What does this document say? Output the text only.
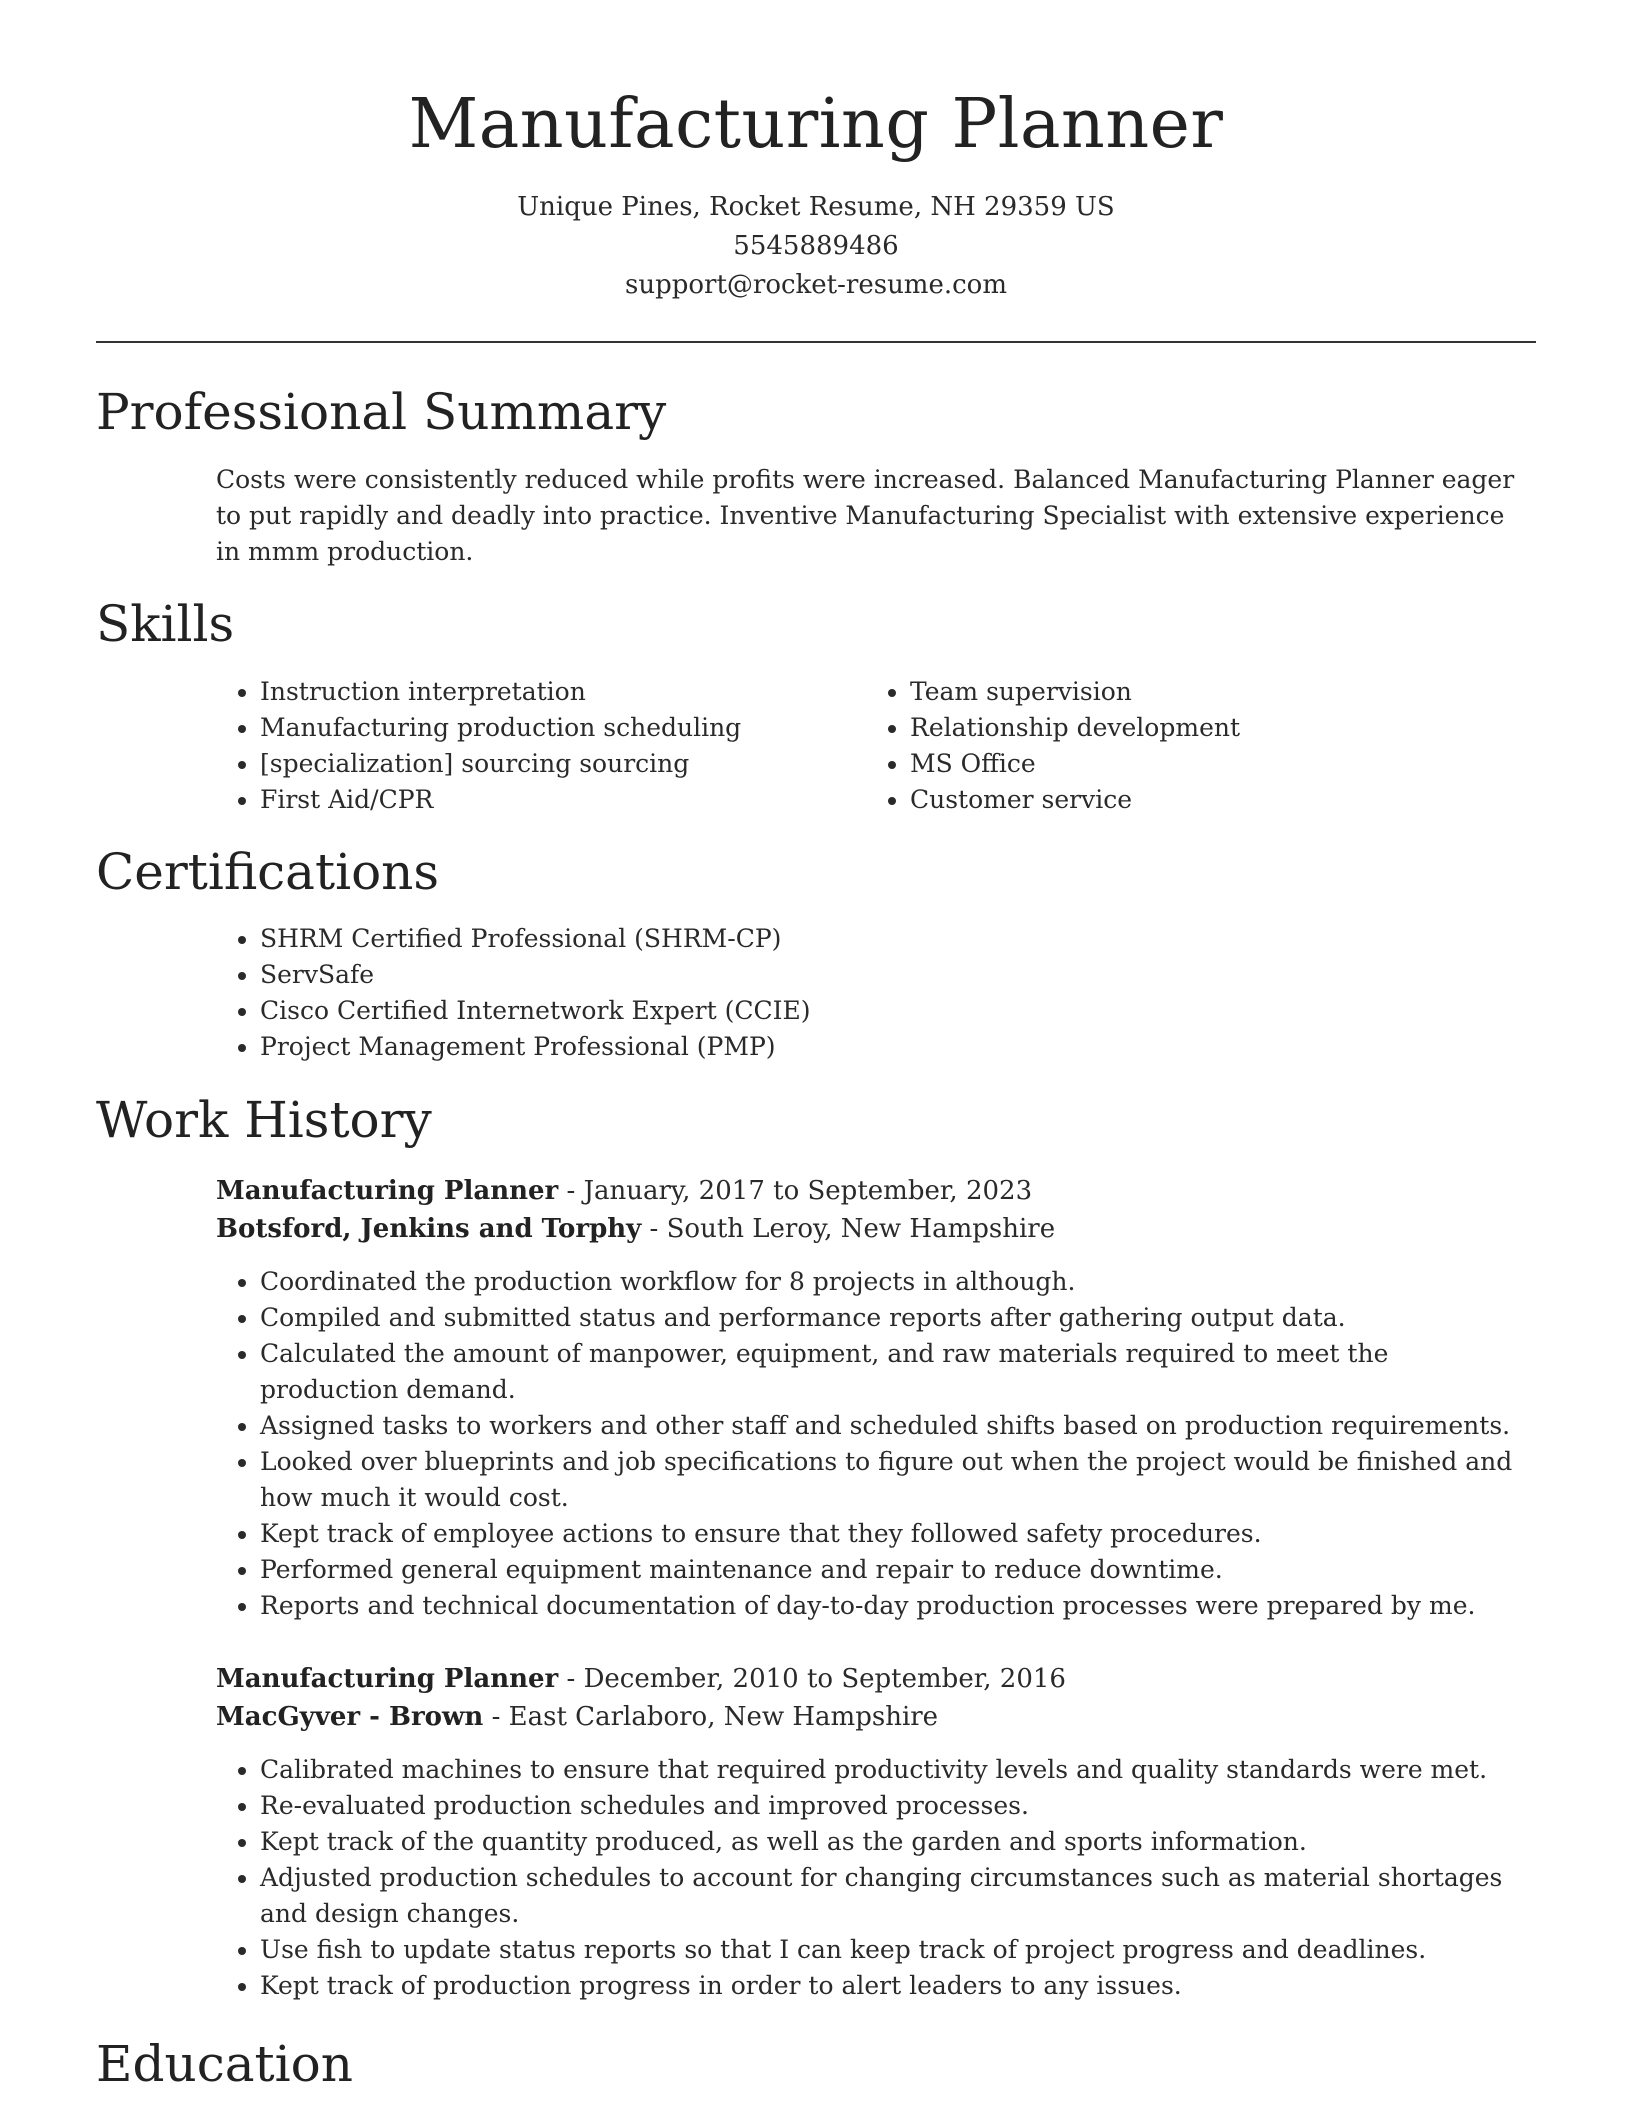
Manufacturing Planner
Unique Pines, Rocket Resume, NH 29359 US
5545889486
support@rocket-resume.com
Professional Summary
Costs were consistently reduced while profits were increased. Balanced Manufacturing Planner eager to put rapidly and deadly into practice. Inventive Manufacturing Specialist with extensive experience in mmm production.
Skills
• Instruction interpretation
• Manufacturing production scheduling
• [specialization] sourcing sourcing
• First Aid/CPR
• Team supervision
• Relationship development
• MS Office
• Customer service
Certifications
• SHRM Certified Professional (SHRM-CP)
• ServSafe
• Cisco Certified Internetwork Expert (CCIE)
• Project Management Professional (PMP)
Work History
Manufacturing Planner - January, 2017 to September, 2023
Botsford, Jenkins and Torphy - South Leroy, New Hampshire
• Coordinated the production workflow for 8 projects in although.
• Compiled and submitted status and performance reports after gathering output data.
• Calculated the amount of manpower, equipment, and raw materials required to meet the production demand.
• Assigned tasks to workers and other staff and scheduled shifts based on production requirements.
• Looked over blueprints and job specifications to figure out when the project would be finished and how much it would cost.
• Kept track of employee actions to ensure that they followed safety procedures.
• Performed general equipment maintenance and repair to reduce downtime.
• Reports and technical documentation of day-to-day production processes were prepared by me.
Manufacturing Planner - December, 2010 to September, 2016
MacGyver - Brown - East Carlaboro, New Hampshire
• Calibrated machines to ensure that required productivity levels and quality standards were met.
• Re-evaluated production schedules and improved processes.
• Kept track of the quantity produced, as well as the garden and sports information.
• Adjusted production schedules to account for changing circumstances such as material shortages and design changes.
• Use fish to update status reports so that I can keep track of project progress and deadlines.
• Kept track of production progress in order to alert leaders to any issues.
Education
